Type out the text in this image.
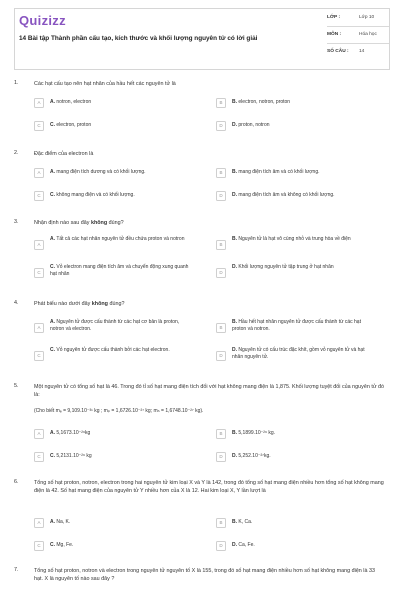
Quizizz
14 Bài tập Thành phần cấu tạo, kích thước và khối lượng nguyên tử có lời giải
LỚP :	Lớp 10
MÔN :	Hóa học
SỐ CÂU : 14
1.	Các hạt cấu tạo nên hạt nhân của hầu hết các nguyên tử là
A	A. notron, electron	B	B. electron, notron, proton
C	C. electron, proton	D	D. proton, notron
2.	Đặc điểm của electron là
A	A. mang điện tích dương và có khối lượng.	B	B. mang điện tích âm và có khối lượng.
C	C. không mang điện và có khối lượng.	D	D. mang điện tích âm và không có khối lượng.
3.	Nhận định nào sau đây không đúng?
A
A. Tất cả các hạt nhân nguyên tử đều chứa proton và notron
B
B. Nguyên tử là hạt vô cùng nhỏ và trung hòa về điện
C
C. Vỏ electron mang điện tích âm và chuyển động xung quanh hạt nhân	D
D. Khối lượng nguyên tử tập trung ở hạt nhân
4.	Phát biểu nào dưới đây không đúng?
A
A. Nguyên tử được cấu thành từ các hạt cơ bản là proton, notron và electron.	B
B. Hầu hết hạt nhân nguyên tử được cấu thành từ các hạt proton và notron.
C
C. Vỏ nguyên tử được cấu thành bởi các hạt electron.
D
D. Nguyên tử có cấu trúc đặc khít, gồm vỏ nguyên tử và hạt nhân nguyên tử.
5.	Một nguyên tử có tổng số hạt là 46. Trong đó tỉ số hạt mang điện tích đối với hạt không mang điện là 1,875. Khối lượng tuyệt đối của nguyên tử đó là:
(Cho biết mₑ = 9,109.10⁻³¹ kg ; mₚ = 1,6726.10⁻²⁷ kg; mₙ = 1,6748.10⁻²⁷ kg).
A	A. 5,1673.10⁻²⁶kg	B	B. 5,1899.10⁻²⁶ kg.
C	C. 5,2131.10⁻²⁶ kg	D	D. 5,252.10⁻²⁷kg.
6.	Tổng số hạt proton, notron, electron trong hai nguyên tử kim loại X và Y là 142, trong đó tổng số hạt mang điện nhiều hơn tổng số hạt không mang điện là 42. Số hạt mang điện của nguyên tử Y nhiều hơn của X là 12. Hai kim loại X, Y lần lượt là
A	A. Na, K.	B	B. K, Ca.
C	C. Mg, Fe.	D	D. Ca, Fe.
7.	Tổng số hạt proton, notron và electron trong nguyên tử nguyên tố X là 155, trong đó số hạt mang điện nhiều hơn số hạt không mang điện là 33 hạt. X là nguyên tố nào sau đây ?
